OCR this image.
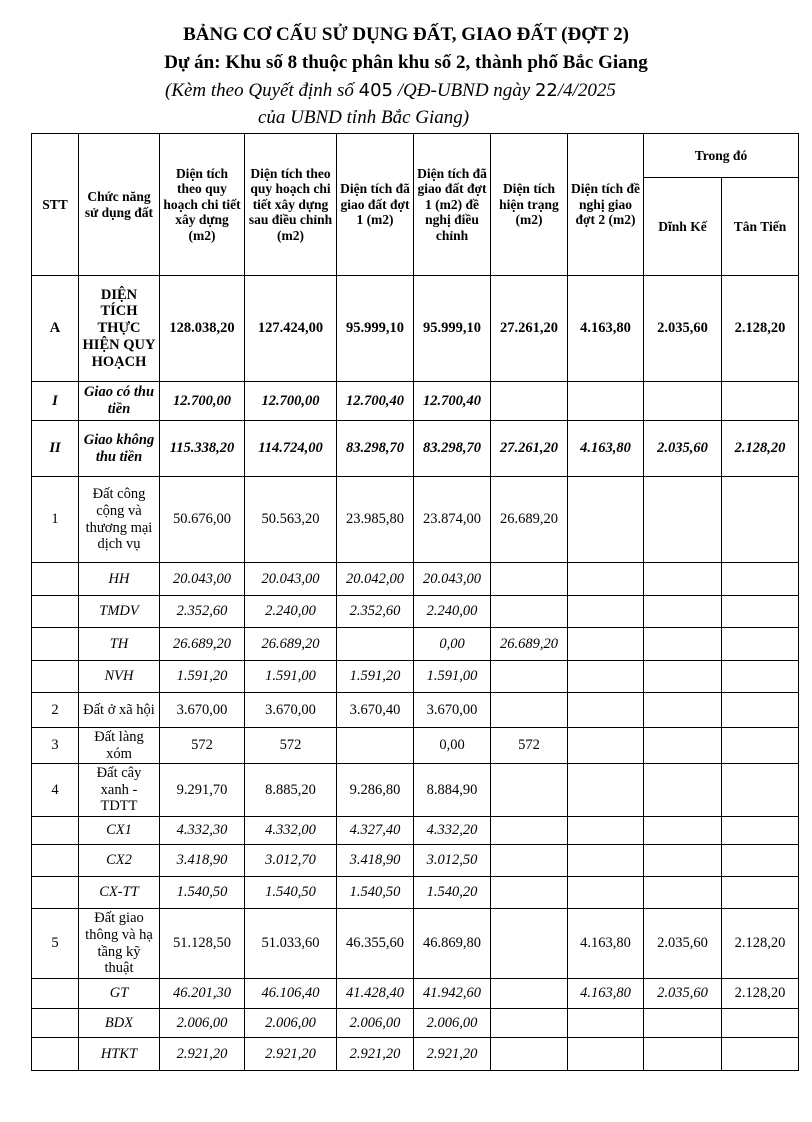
BẢNG CƠ CẤU SỬ DỤNG ĐẤT, GIAO ĐẤT (ĐỢT 2)
Dự án: Khu số 8 thuộc phân khu số 2, thành phố Bắc Giang
(Kèm theo Quyết định số 405 /QĐ-UBND ngày 22/4/2025
của UBND tỉnh Bắc Giang)
STT	Chức năng sử dụng đất	Diện tích theo quy hoạch chi tiết xây dựng (m2)	Diện tích theo quy hoạch chi tiết xây dựng sau điều chỉnh (m2)	Diện tích đã giao đất đợt 1 (m2)	Diện tích đã giao đất đợt 1 (m2) đề nghị điều chỉnh	Diện tích hiện trạng (m2)	Diện tích đề nghị giao đợt 2 (m2)	Trong đó	
								Dĩnh Kế	Tân Tiến
A	DIỆN TÍCH THỰC HIỆN QUY HOẠCH	128.038,20	127.424,00	95.999,10	95.999,10	27.261,20	4.163,80	2.035,60	2.128,20
I	Giao có thu tiền	12.700,00	12.700,00	12.700,40	12.700,40				
II	Giao không thu tiền	115.338,20	114.724,00	83.298,70	83.298,70	27.261,20	4.163,80	2.035,60	2.128,20
1	Đất công cộng và thương mại dịch vụ	50.676,00	50.563,20	23.985,80	23.874,00	26.689,20			
	HH	20.043,00	20.043,00	20.042,00	20.043,00				
	TMDV	2.352,60	2.240,00	2.352,60	2.240,00				
	TH	26.689,20	26.689,20		0,00	26.689,20			
	NVH	1.591,20	1.591,00	1.591,20	1.591,00				
2	Đất ở xã hội	3.670,00	3.670,00	3.670,40	3.670,00				
3	Đất làng xóm	572	572		0,00	572			
4	Đất cây xanh - TDTT	9.291,70	8.885,20	9.286,80	8.884,90				
	CX1	4.332,30	4.332,00	4.327,40	4.332,20				
	CX2	3.418,90	3.012,70	3.418,90	3.012,50				
	CX-TT	1.540,50	1.540,50	1.540,50	1.540,20				
5	Đất giao thông và hạ tầng kỹ thuật	51.128,50	51.033,60	46.355,60	46.869,80		4.163,80	2.035,60	2.128,20
	GT	46.201,30	46.106,40	41.428,40	41.942,60		4.163,80	2.035,60	2.128,20
	BDX	2.006,00	2.006,00	2.006,00	2.006,00				
	HTKT	2.921,20	2.921,20	2.921,20	2.921,20				
